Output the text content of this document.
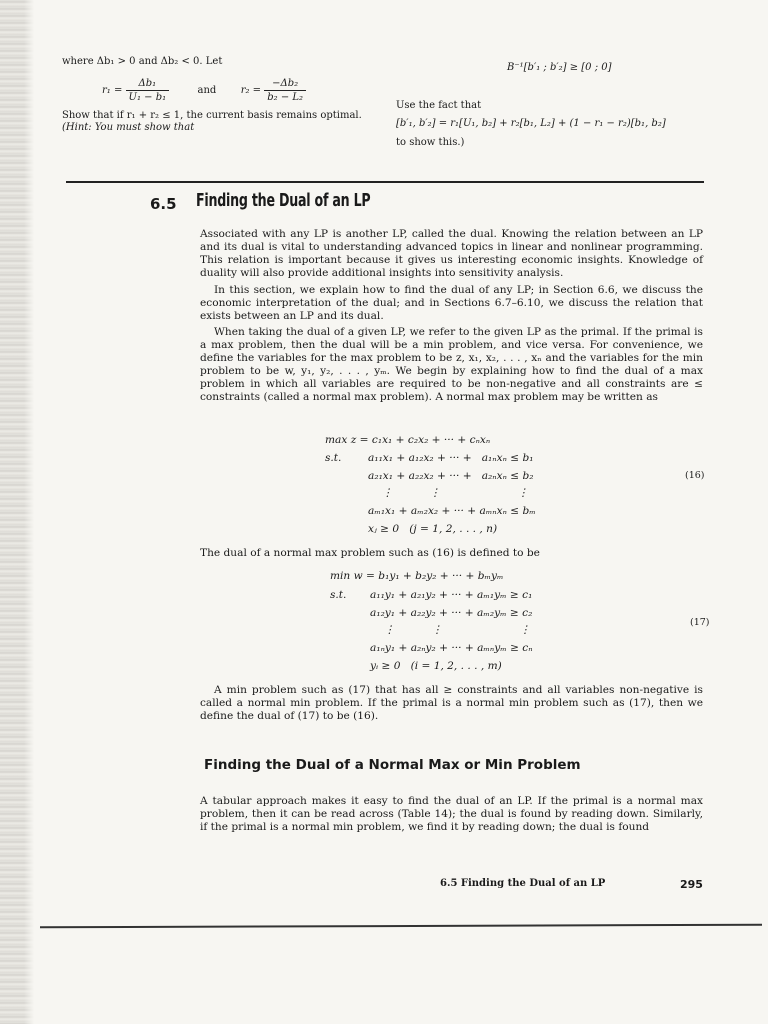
where Δb₁ > 0 and Δb₂ < 0. Let
$r_1 = \frac{\text{Δb₁}}{\text{U₁ − b₁}}$	and $r_2 = \frac{\text{−Δb₂}}{\text{b₂ − L₂}}$
Show that if r₁ + r₂ ≤ 1, the current basis remains optimal.
(Hint: You must show that
B⁻¹[b′₁ ; b′₂] ≥ [0 ; 0]
Use the fact that
[b′₁, b′₂] = r₁[U₁, b₂] + r₂[b₁, L₂] + (1 − r₁ − r₂)[b₁, b₂]
to show this.)
6.5 Finding the Dual of an LP
Associated with any LP is another LP, called the dual. Knowing the relation between an LP and its dual is vital to understanding advanced topics in linear and nonlinear programming. This relation is important because it gives us interesting economic insights. Knowledge of duality will also provide additional insights into sensitivity analysis.
In this section, we explain how to find the dual of any LP; in Section 6.6, we discuss the economic interpretation of the dual; and in Sections 6.7–6.10, we discuss the relation that exists between an LP and its dual.
When taking the dual of a given LP, we refer to the given LP as the primal. If the primal is a max problem, then the dual will be a min problem, and vice versa. For convenience, we define the variables for the max problem to be z, x₁, x₂, . . . , xₙ and the variables for the min problem to be w, y₁, y₂, . . . , yₘ. We begin by explaining how to find the dual of a max problem in which all variables are required to be non-negative and all constraints are ≤ constraints (called a normal max problem). A normal max problem may be written as
max z = c₁x₁ + c₂x₂ + ··· + cₙxₙ
s.t.	a₁₁x₁ + a₁₂x₂ + ··· +   a₁ₙxₙ ≤ b₁
a₂₁x₁ + a₂₂x₂ + ··· +   a₂ₙxₙ ≤ b₂
⋮           ⋮                       ⋮
aₘ₁x₁ + aₘ₂x₂ + ··· + aₘₙxₙ ≤ bₘ
xⱼ ≥ 0   (j = 1, 2, . . . , n)
(16)
The dual of a normal max problem such as (16) is defined to be
min w = b₁y₁ + b₂y₂ + ··· + bₘyₘ
s.t. a₁₁y₁ + a₂₁y₂ + ··· + aₘ₁yₘ ≥ c₁
a₁₂y₁ + a₂₂y₂ + ··· + aₘ₂yₘ ≥ c₂
⋮           ⋮                       ⋮
a₁ₙy₁ + a₂ₙy₂ + ··· + aₘₙyₘ ≥ cₙ
yᵢ ≥ 0   (i = 1, 2, . . . , m)
(17)
A min problem such as (17) that has all ≥ constraints and all variables non-negative is called a normal min problem. If the primal is a normal min problem such as (17), then we define the dual of (17) to be (16).
Finding the Dual of a Normal Max or Min Problem
A tabular approach makes it easy to find the dual of an LP. If the primal is a normal max problem, then it can be read across (Table 14); the dual is found by reading down. Similarly, if the primal is a normal min problem, we find it by reading down; the dual is found
6.5 Finding the Dual of an LP	295
